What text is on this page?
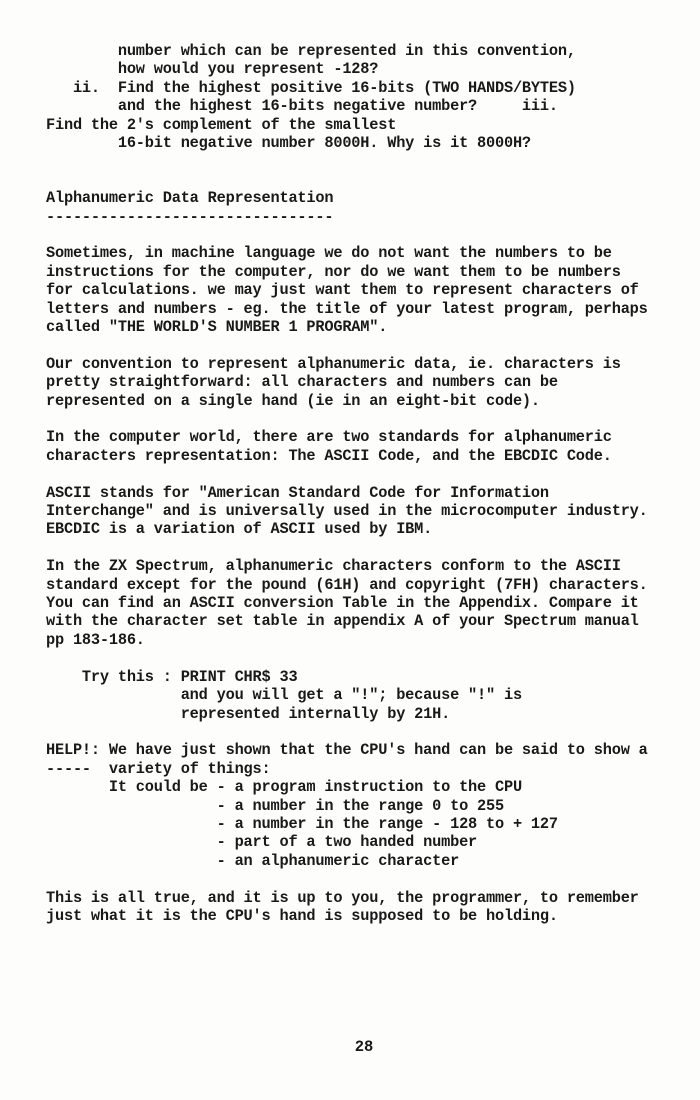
number which can be represented in this convention,
how would you represent -128?
ii.  Find the highest positive 16-bits (TWO HANDS/BYTES)
and the highest 16-bits negative number?     iii.
Find the 2's complement of the smallest
16-bit negative number 8000H. Why is it 8000H?
Alphanumeric Data Representation
--------------------------------
Sometimes, in machine language we do not want the numbers to be
instructions for the computer, nor do we want them to be numbers
for calculations. we may just want them to represent characters of
letters and numbers - eg. the title of your latest program, perhaps
called "THE WORLD'S NUMBER 1 PROGRAM".
Our convention to represent alphanumeric data, ie. characters is
pretty straightforward: all characters and numbers can be
represented on a single hand (ie in an eight-bit code).
In the computer world, there are two standards for alphanumeric
characters representation: The ASCII Code, and the EBCDIC Code.
ASCII stands for "American Standard Code for Information
Interchange" and is universally used in the microcomputer industry.
EBCDIC is a variation of ASCII used by IBM.
In the ZX Spectrum, alphanumeric characters conform to the ASCII
standard except for the pound (61H) and copyright (7FH) characters.
You can find an ASCII conversion Table in the Appendix. Compare it
with the character set table in appendix A of your Spectrum manual
pp 183-186.
Try this : PRINT CHR$ 33
and you will get a "!"; because "!" is
represented internally by 21H.
HELP!: We have just shown that the CPU's hand can be said to show a
-----  variety of things:
It could be - a program instruction to the CPU
- a number in the range 0 to 255
- a number in the range - 128 to + 127
- part of a two handed number
- an alphanumeric character
This is all true, and it is up to you, the programmer, to remember
just what it is the CPU's hand is supposed to be holding.
28
